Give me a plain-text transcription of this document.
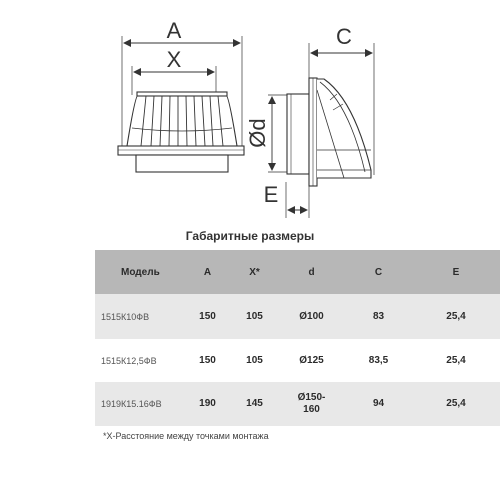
A
X
C
Ød
E
Габаритные размеры
Модель	A	X*	d	C	E
1515К10ФВ	150	105	Ø100	83	25,4
1515К12,5ФВ	150	105	Ø125	83,5	25,4
1919К15.16ФВ	190	145	Ø150-160	94	25,4
*X-Расстояние между точками монтажа
